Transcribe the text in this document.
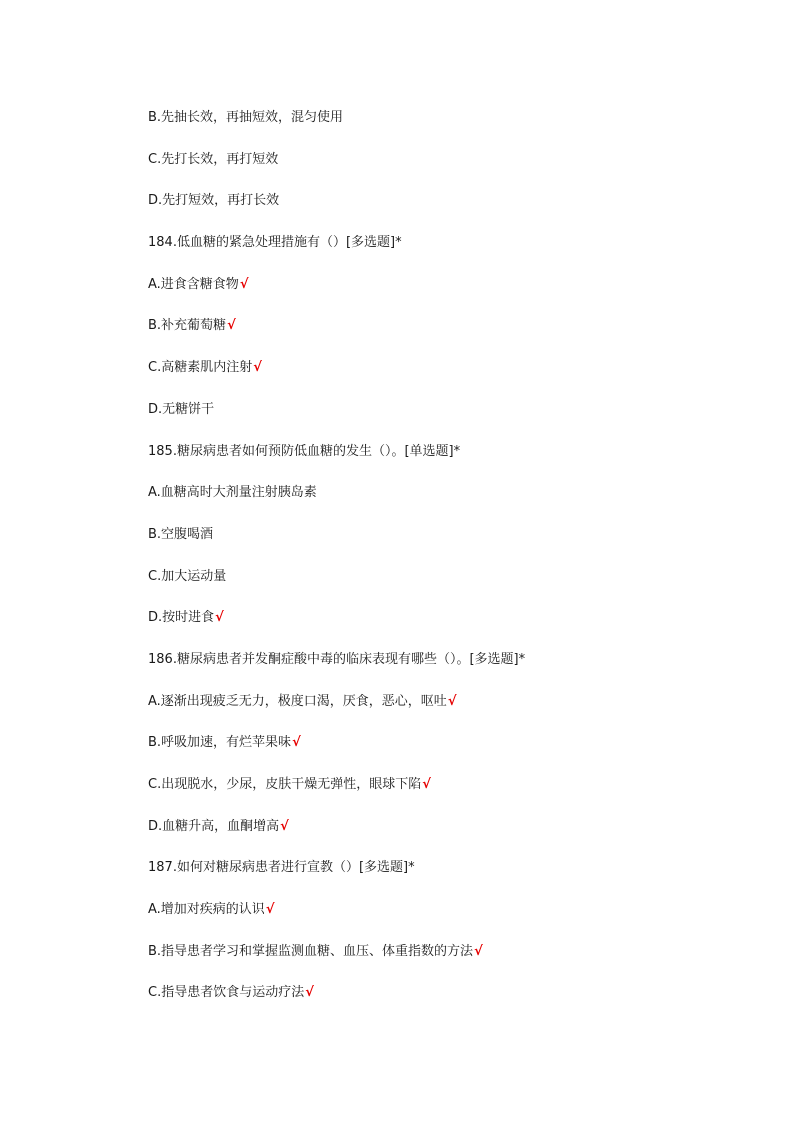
B.先抽长效，再抽短效，混匀使用
C.先打长效，再打短效
D.先打短效，再打长效
184.低血糖的紧急处理措施有（）[多选题]*
A.进食含糖食物√
B.补充葡萄糖√
C.高糖素肌内注射√
D.无糖饼干
185.糖尿病患者如何预防低血糖的发生（）。[单选题]*
A.血糖高时大剂量注射胰岛素
B.空腹喝酒
C.加大运动量
D.按时进食√
186.糖尿病患者并发酮症酸中毒的临床表现有哪些（）。[多选题]*
A.逐渐出现疲乏无力，极度口渴，厌食，恶心，呕吐√
B.呼吸加速，有烂苹果味√
C.出现脱水，少尿，皮肤干燥无弹性，眼球下陷√
D.血糖升高，血酮增高√
187.如何对糖尿病患者进行宣教（）[多选题]*
A.增加对疾病的认识√
B.指导患者学习和掌握监测血糖、血压、体重指数的方法√
C.指导患者饮食与运动疗法√
